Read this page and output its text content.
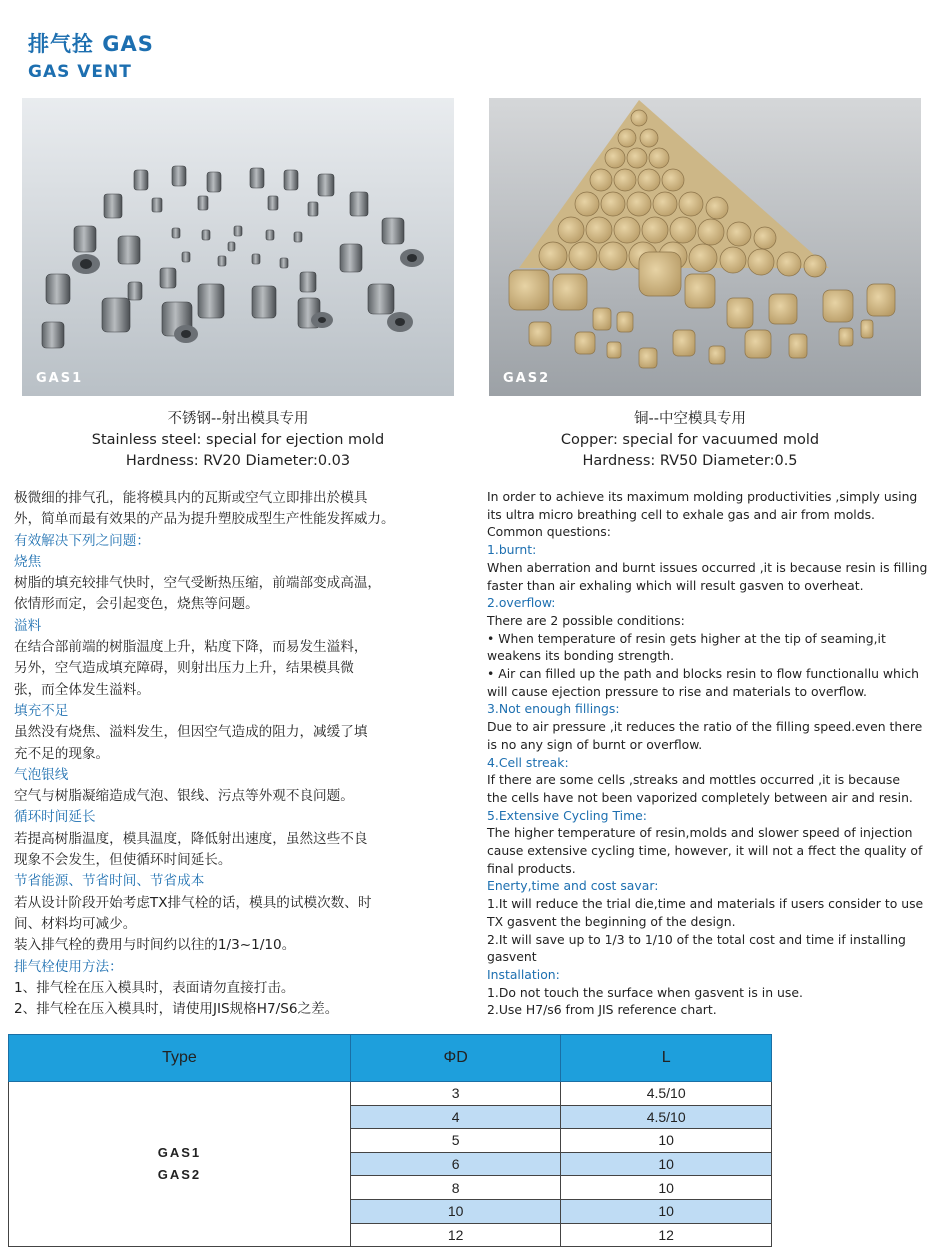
排气拴 GAS
GAS VENT
GAS1	GAS2
不锈钢--射出模具专用
Stainless steel: special for ejection mold
Hardness: RV20 Diameter:0.03
铜--中空模具专用
Copper: special for vacuumed mold
Hardness: RV50 Diameter:0.5
极微细的排气孔，能将模具内的瓦斯或空气立即排出於模具
外，简单而最有效果的产品为提升塑胶成型生产性能发挥威力。
有效解决下列之问题：
烧焦
树脂的填充较排气快时，空气受断热压缩，前端部变成高温，
依情形而定，会引起变色，烧焦等问题。
溢料
在结合部前端的树脂温度上升，粘度下降，而易发生溢料，
另外，空气造成填充障碍，则射出压力上升，结果模具微
张，而全体发生溢料。
填充不足
虽然没有烧焦、溢料发生，但因空气造成的阻力，减缓了填
充不足的现象。
气泡银线
空气与树脂凝缩造成气泡、银线、污点等外观不良问题。
循环时间延长
若提高树脂温度，模具温度，降低射出速度，虽然这些不良
现象不会发生，但使循环时间延长。
节省能源、节省时间、节省成本
若从设计阶段开始考虑TX排气栓的话，模具的试模次数、时
间、材料均可减少。
装入排气栓的费用与时间约以往的1/3~1/10。
排气栓使用方法：
1、排气栓在压入模具时，表面请勿直接打击。
2、排气栓在压入模具时，请使用JIS规格H7/S6之差。
In order to achieve its maximum molding productivities ,simply using
its ultra micro breathing cell to exhale gas and air from molds.
Common questions:
1.burnt:
When aberration and burnt issues occurred ,it is because resin is filling
faster than air exhaling which will result gasven to overheat.
2.overflow:
There are 2 possible conditions:
• When temperature of resin gets higher at the tip of seaming,it
weakens its bonding strength.
• Air can filled up the path and blocks resin to flow functionallu which
will cause ejection pressure to rise and materials to overflow.
3.Not enough fillings:
Due to air pressure ,it reduces the ratio of the filling speed.even there
is no any sign of burnt or overflow.
4.Cell streak:
If there are some cells ,streaks and mottles occurred ,it is because
the cells have not been vaporized completely between air and resin.
5.Extensive Cycling Time:
The higher temperature of resin,molds and slower speed of injection
cause extensive cycling time, however, it will not a ffect the quality of
final products.
Enerty,time and cost savar:
1.It will reduce the trial die,time and materials if users consider to use
TX gasvent the beginning of the design.
2.It will save up to 1/3 to 1/10 of the total cost and time if installing
gasvent
Installation:
1.Do not touch the surface when gasvent is in use.
2.Use H7/s6 from JIS reference chart.
Type	ΦD	L

GAS1
GAS2	3	4.5/10
	4	4.5/10
	5	10
	6	10
	8	10
	10	10
	12	12
